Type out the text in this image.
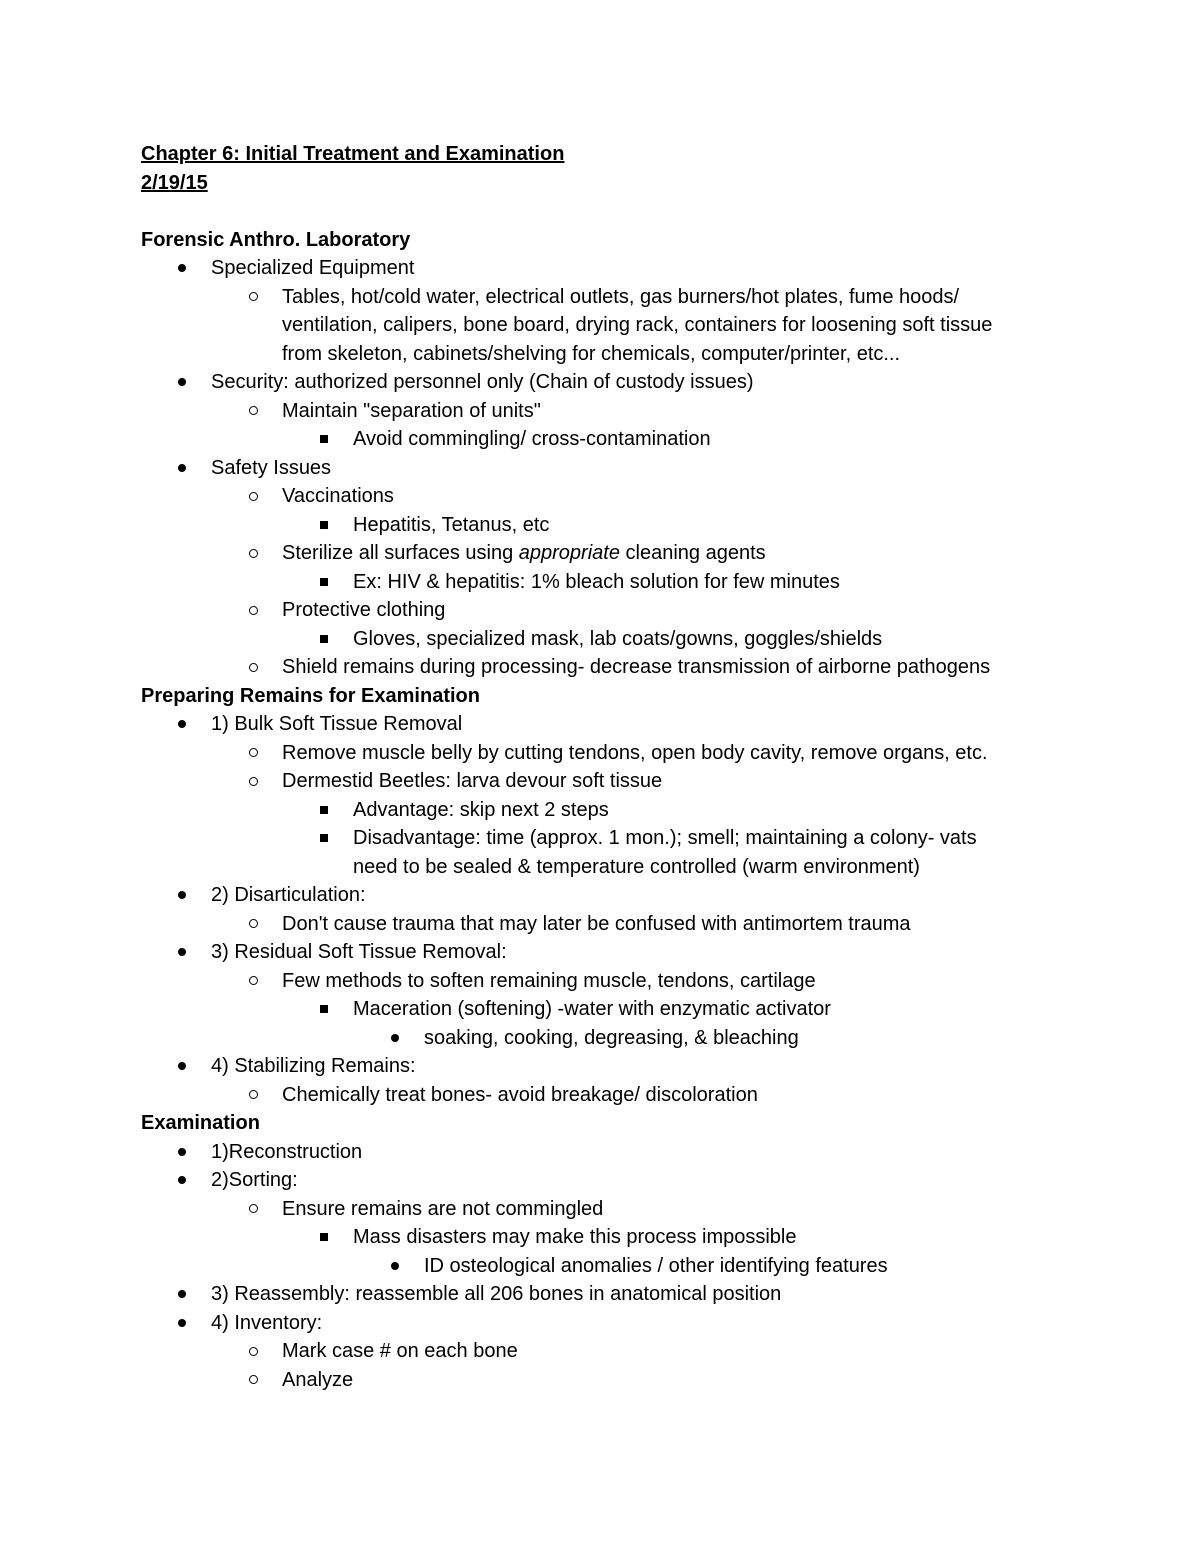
Chapter 6: Initial Treatment and Examination
2/19/15
Forensic Anthro. Laboratory
Specialized Equipment
Tables, hot/cold water, electrical outlets, gas burners/hot plates, fume hoods/
ventilation, calipers, bone board, drying rack, containers for loosening soft tissue
from skeleton, cabinets/shelving for chemicals, computer/printer, etc...
Security: authorized personnel only (Chain of custody issues)
Maintain "separation of units"
Avoid commingling/ cross-contamination
Safety Issues
Vaccinations
Hepatitis, Tetanus, etc
Sterilize all surfaces using appropriate cleaning agents
Ex: HIV & hepatitis: 1% bleach solution for few minutes
Protective clothing
Gloves, specialized mask, lab coats/gowns, goggles/shields
Shield remains during processing- decrease transmission of airborne pathogens
Preparing Remains for Examination
1) Bulk Soft Tissue Removal
Remove muscle belly by cutting tendons, open body cavity, remove organs, etc.
Dermestid Beetles: larva devour soft tissue
Advantage: skip next 2 steps
Disadvantage: time (approx. 1 mon.); smell; maintaining a colony- vats
need to be sealed & temperature controlled (warm environment)
2) Disarticulation:
Don't cause trauma that may later be confused with antimortem trauma
3) Residual Soft Tissue Removal:
Few methods to soften remaining muscle, tendons, cartilage
Maceration (softening) -water with enzymatic activator
soaking, cooking, degreasing, & bleaching
4) Stabilizing Remains:
Chemically treat bones- avoid breakage/ discoloration
Examination
1)Reconstruction
2)Sorting:
Ensure remains are not commingled
Mass disasters may make this process impossible
ID osteological anomalies / other identifying features
3) Reassembly: reassemble all 206 bones in anatomical position
4) Inventory:
Mark case # on each bone
Analyze
